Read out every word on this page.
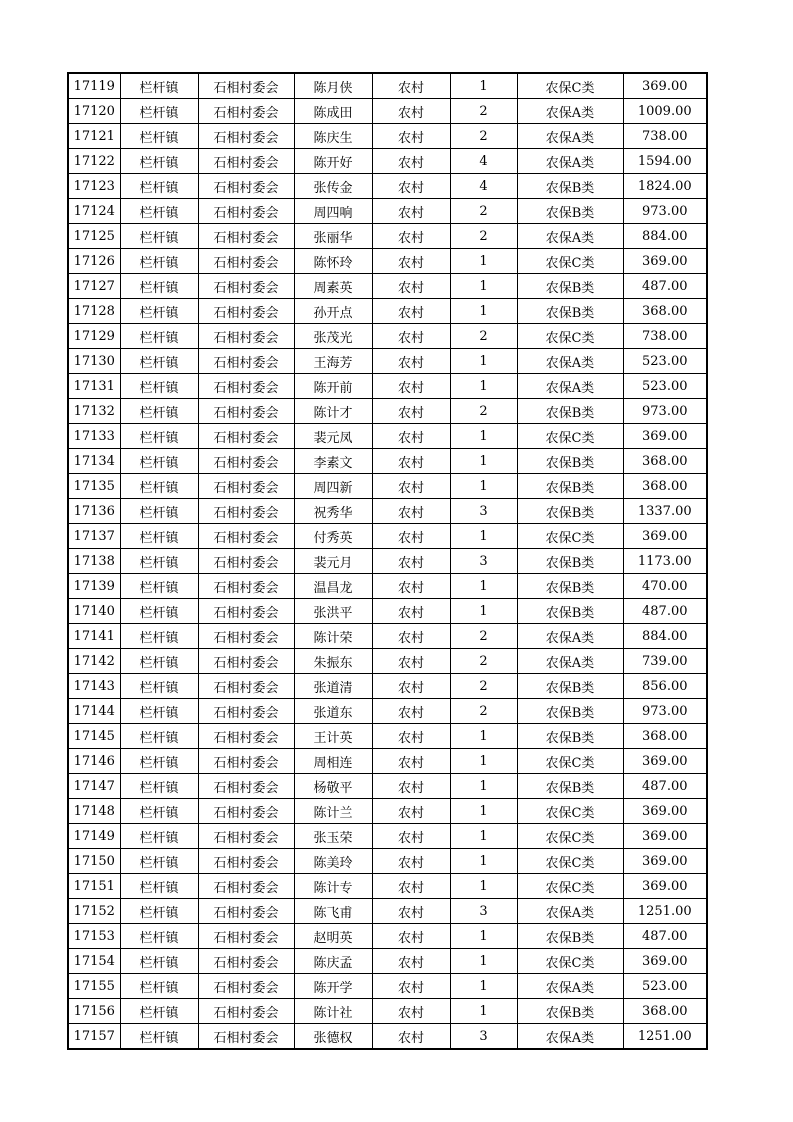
17119	栏杆镇	石相村委会	陈月侠	农村	1	农保C类	369.00
17120	栏杆镇	石相村委会	陈成田	农村	2	农保A类	1009.00
17121	栏杆镇	石相村委会	陈庆生	农村	2	农保A类	738.00
17122	栏杆镇	石相村委会	陈开好	农村	4	农保A类	1594.00
17123	栏杆镇	石相村委会	张传金	农村	4	农保B类	1824.00
17124	栏杆镇	石相村委会	周四响	农村	2	农保B类	973.00
17125	栏杆镇	石相村委会	张丽华	农村	2	农保A类	884.00
17126	栏杆镇	石相村委会	陈怀玲	农村	1	农保C类	369.00
17127	栏杆镇	石相村委会	周素英	农村	1	农保B类	487.00
17128	栏杆镇	石相村委会	孙开点	农村	1	农保B类	368.00
17129	栏杆镇	石相村委会	张茂光	农村	2	农保C类	738.00
17130	栏杆镇	石相村委会	王海芳	农村	1	农保A类	523.00
17131	栏杆镇	石相村委会	陈开前	农村	1	农保A类	523.00
17132	栏杆镇	石相村委会	陈计才	农村	2	农保B类	973.00
17133	栏杆镇	石相村委会	裴元凤	农村	1	农保C类	369.00
17134	栏杆镇	石相村委会	李素文	农村	1	农保B类	368.00
17135	栏杆镇	石相村委会	周四新	农村	1	农保B类	368.00
17136	栏杆镇	石相村委会	祝秀华	农村	3	农保B类	1337.00
17137	栏杆镇	石相村委会	付秀英	农村	1	农保C类	369.00
17138	栏杆镇	石相村委会	裴元月	农村	3	农保B类	1173.00
17139	栏杆镇	石相村委会	温昌龙	农村	1	农保B类	470.00
17140	栏杆镇	石相村委会	张洪平	农村	1	农保B类	487.00
17141	栏杆镇	石相村委会	陈计荣	农村	2	农保A类	884.00
17142	栏杆镇	石相村委会	朱振东	农村	2	农保A类	739.00
17143	栏杆镇	石相村委会	张道清	农村	2	农保B类	856.00
17144	栏杆镇	石相村委会	张道东	农村	2	农保B类	973.00
17145	栏杆镇	石相村委会	王计英	农村	1	农保B类	368.00
17146	栏杆镇	石相村委会	周相连	农村	1	农保C类	369.00
17147	栏杆镇	石相村委会	杨敬平	农村	1	农保B类	487.00
17148	栏杆镇	石相村委会	陈计兰	农村	1	农保C类	369.00
17149	栏杆镇	石相村委会	张玉荣	农村	1	农保C类	369.00
17150	栏杆镇	石相村委会	陈美玲	农村	1	农保C类	369.00
17151	栏杆镇	石相村委会	陈计专	农村	1	农保C类	369.00
17152	栏杆镇	石相村委会	陈飞甫	农村	3	农保A类	1251.00
17153	栏杆镇	石相村委会	赵明英	农村	1	农保B类	487.00
17154	栏杆镇	石相村委会	陈庆孟	农村	1	农保C类	369.00
17155	栏杆镇	石相村委会	陈开学	农村	1	农保A类	523.00
17156	栏杆镇	石相村委会	陈计社	农村	1	农保B类	368.00
17157	栏杆镇	石相村委会	张德权	农村	3	农保A类	1251.00
